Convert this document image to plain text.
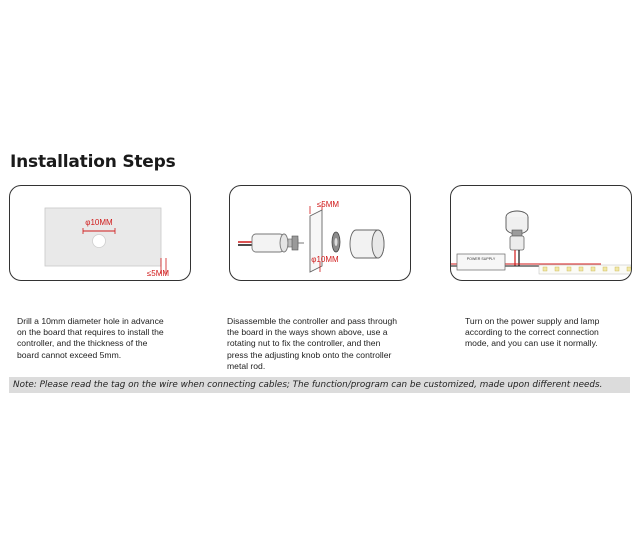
Installation Steps
φ10MM
≤5MM
≤5MM
φ10MM	POWER SUPPLY
Drill a 10mm diameter hole in advance
on the board that requires to install the
controller, and the thickness of the
board cannot exceed 5mm.
Disassemble the controller and pass through
the board in the ways shown above, use a
rotating nut to fix the controller, and then
press the adjusting knob onto the controller
metal rod.
Turn on the power supply and lamp
according to the correct connection
mode, and you can use it normally.
Note: Please read the tag on the wire when connecting cables; The function/program can be customized, made upon different needs.
